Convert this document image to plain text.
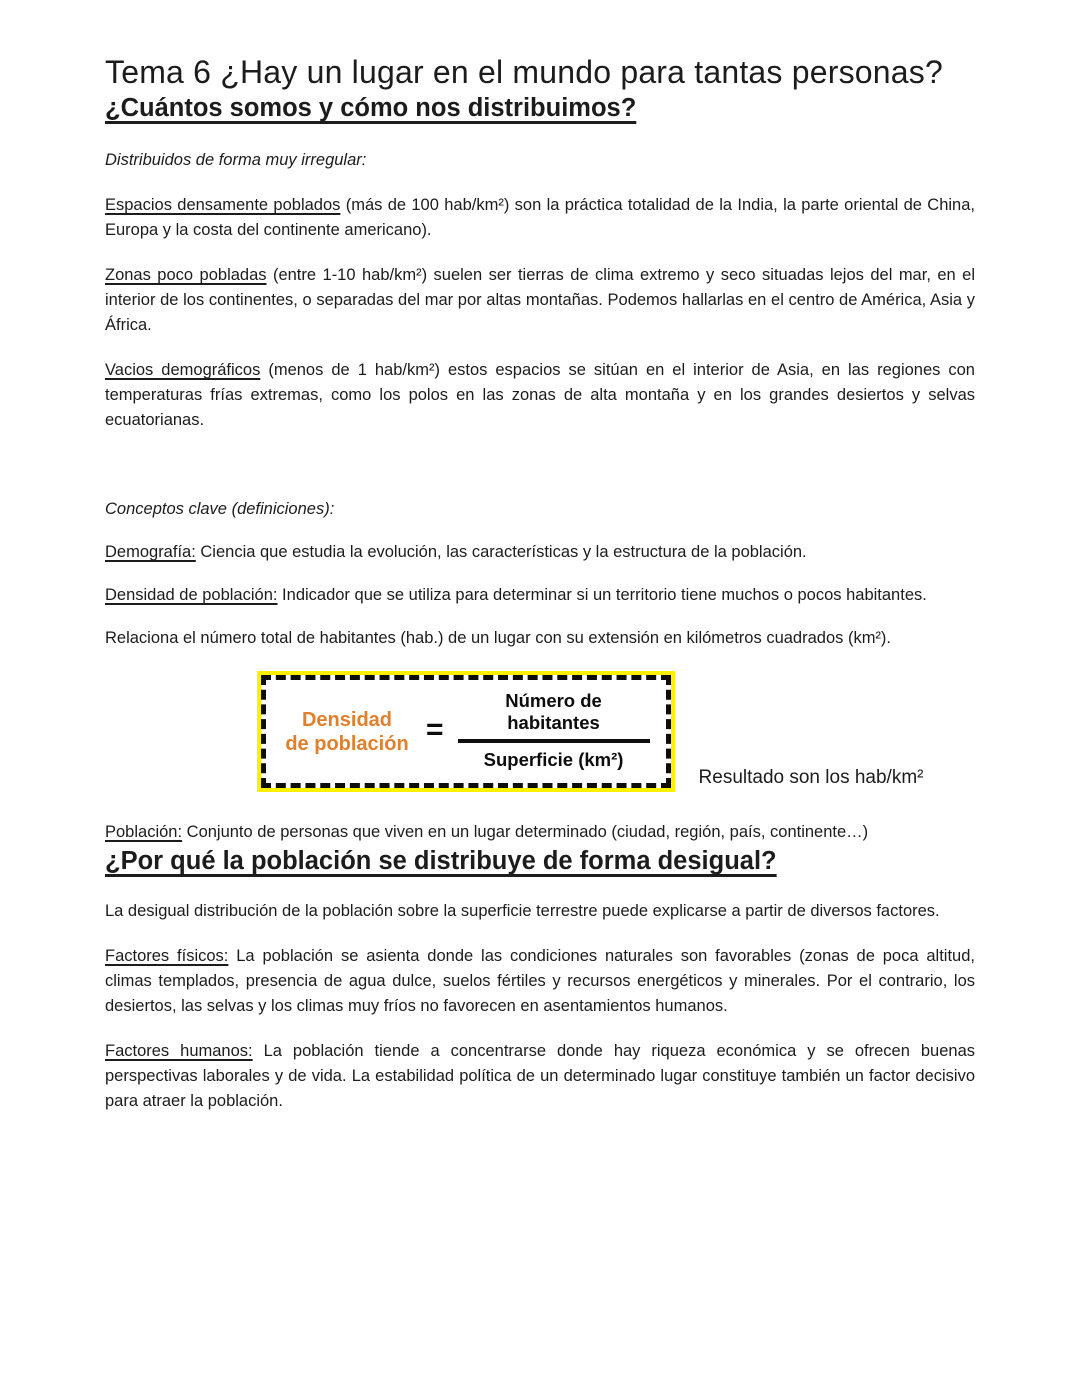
Tema 6 ¿Hay un lugar en el mundo para tantas personas?
¿Cuántos somos y cómo nos distribuimos?

Distribuidos de forma muy irregular:

Espacios densamente poblados (más de 100 hab/km²) son la práctica totalidad de la India, la parte oriental de China, Europa y la costa del continente americano).

Zonas poco pobladas (entre 1-10 hab/km²) suelen ser tierras de clima extremo y seco situadas lejos del mar, en el interior de los continentes, o separadas del mar por altas montañas. Podemos hallarlas en el centro de América, Asia y África.

Vacios demográficos (menos de 1 hab/km²) estos espacios se sitúan en el interior de Asia, en las regiones con temperaturas frías extremas, como los polos en las zonas de alta montaña y en los grandes desiertos y selvas ecuatorianas.

Conceptos clave (definiciones):

Demografía: Ciencia que estudia la evolución, las características y la estructura de la población.

Densidad de población: Indicador que se utiliza para determinar si un territorio tiene muchos o pocos habitantes.

Relaciona el número total de habitantes (hab.) de un lugar con su extensión en kilómetros cuadrados (km²).

Densidad
de población = Número de
habitantes
Superficie (km²)
Resultado son los hab/km²

Población: Conjunto de personas que viven en un lugar determinado (ciudad, región, país, continente…)

¿Por qué la población se distribuye de forma desigual?

La desigual distribución de la población sobre la superficie terrestre puede explicarse a partir de diversos factores.

Factores físicos: La población se asienta donde las condiciones naturales son favorables (zonas de poca altitud, climas templados, presencia de agua dulce, suelos fértiles y recursos energéticos y minerales. Por el contrario, los desiertos, las selvas y los climas muy fríos no favorecen en asentamientos humanos.

Factores humanos: La población tiende a concentrarse donde hay riqueza económica y se ofrecen buenas perspectivas laborales y de vida. La estabilidad política de un determinado lugar constituye también un factor decisivo para atraer la población.
